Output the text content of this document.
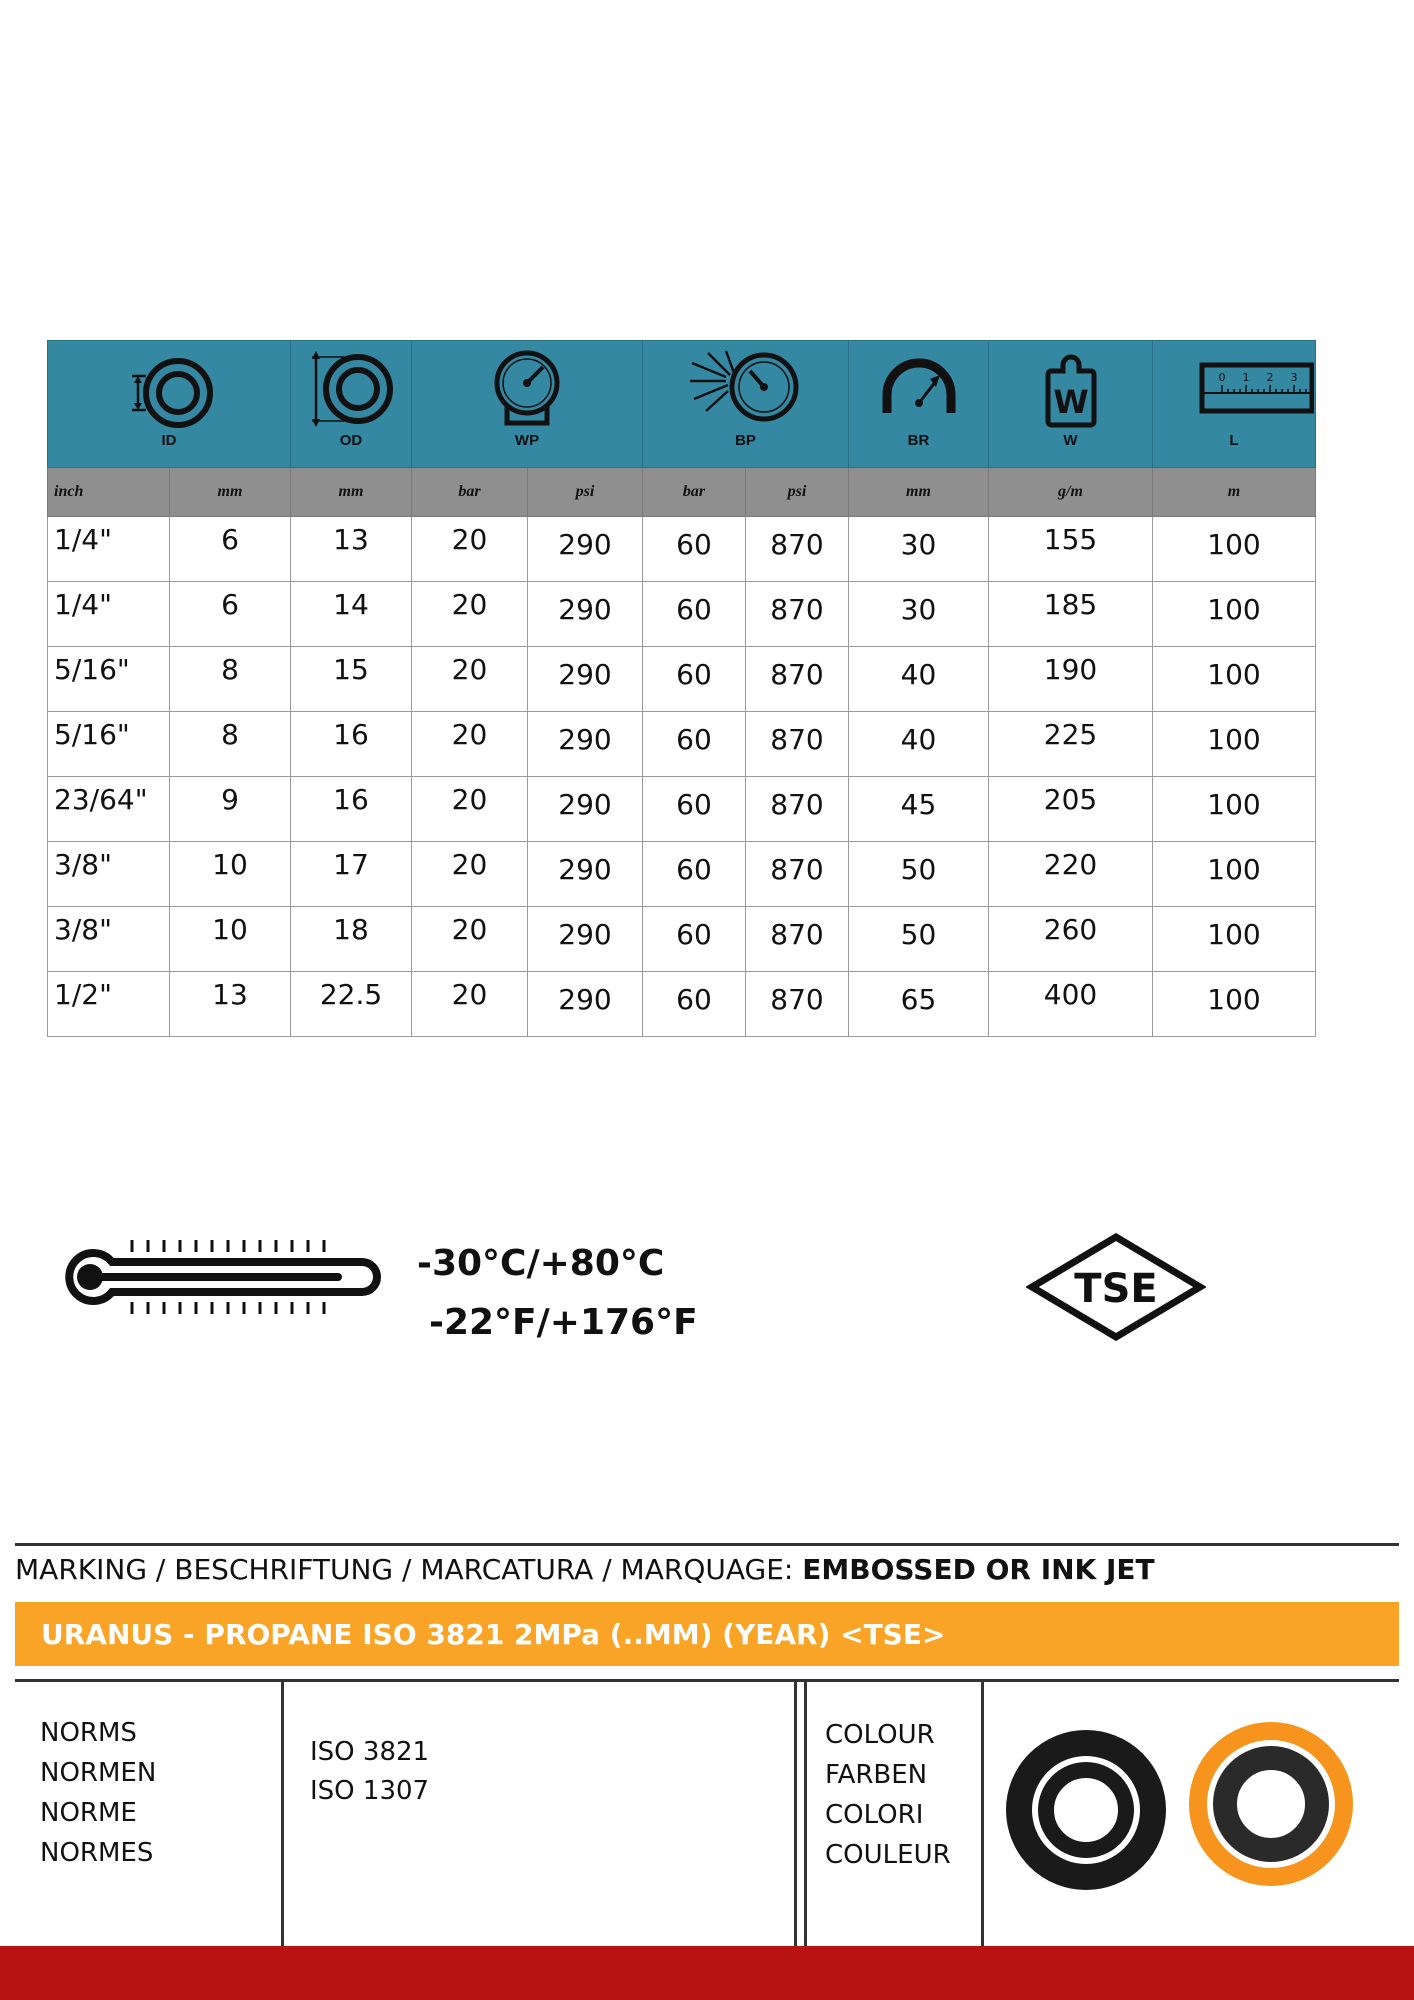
ID		OD	WP		BP		BR	W
W	0 1 2 3
L

inch	mm	mm	bar	psi	bar	psi	mm	g/m	m

1/4"	6	13	20	290	60	870	30	155	100

1/4"	6	14	20	290	60	870	30	185	100

5/16"	8	15	20	290	60	870	40	190	100

5/16"	8	16	20	290	60	870	40	225	100

23/64"	9	16	20	290	60	870	45	205	100

3/8"	10	17	20	290	60	870	50	220	100

3/8"	10	18	20	290	60	870	50	260	100

1/2"	13	22.5	20	290	60	870	65	400	100
-30°C/+80°C
-22°F/+176°F
TSE
MARKING / BESCHRIFTUNG / MARCATURA / MARQUAGE: EMBOSSED OR INK JET
URANUS - PROPANE ISO 3821 2MPa (..MM) (YEAR) <TSE>
NORMS
NORMEN
NORME
NORMES
ISO 3821
ISO 1307
COLOUR
FARBEN
COLORI
COULEUR
